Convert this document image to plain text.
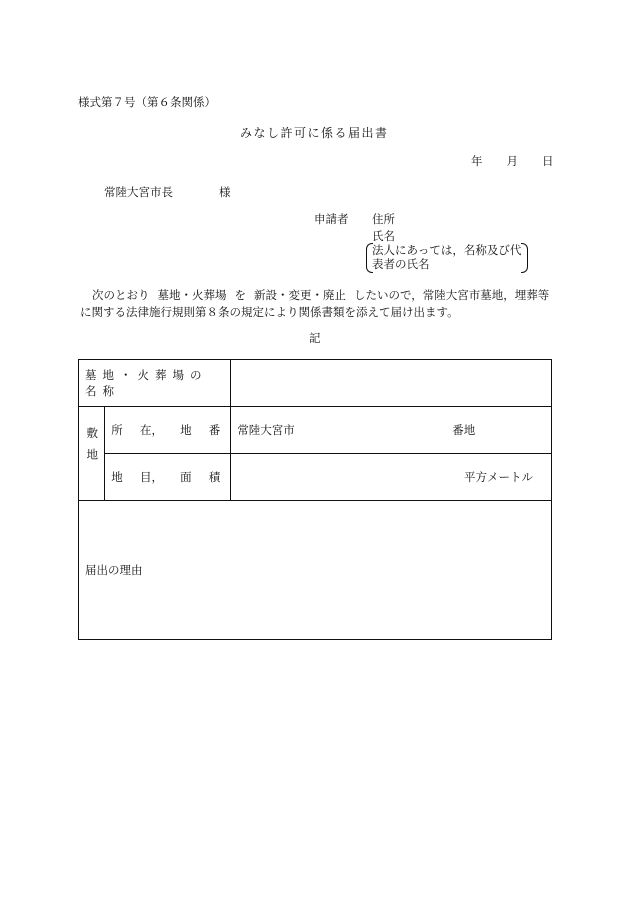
様式第７号（第６条関係）
みなし許可に係る届出書
年 月 日
常陸大宮市長	様
申請者 住所
氏名
法人にあっては，名称及び代
表者の氏名
次のとおり 墓地・火葬場 を 新設・変更・廃止 したいので，常陸大宮市墓地，埋葬等に関する法律施行規則第８条の規定により関係書類を添えて届け出ます。
記
墓地・火葬場の名称		
敷地	所 在， 地 番	常陸大宮市 番地

	地 目， 面 積	平方メートル

届出の理由		
